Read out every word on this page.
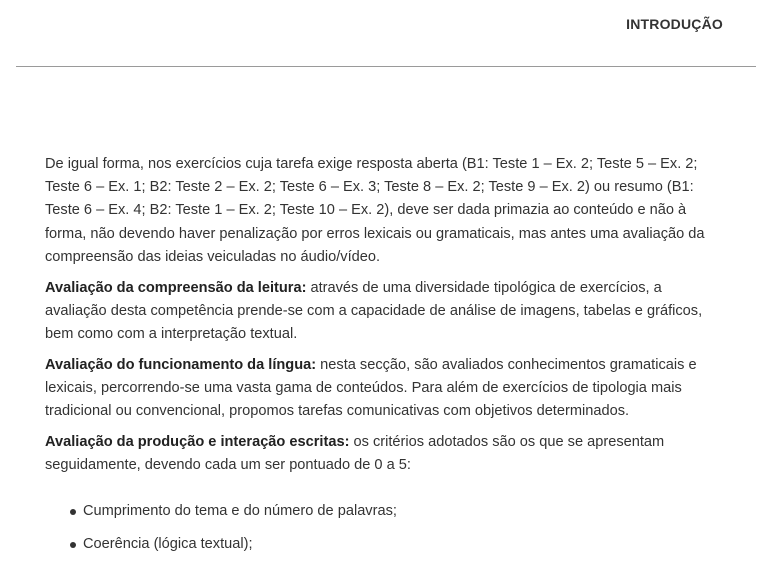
INTRODUÇÃO

De igual forma, nos exercícios cuja tarefa exige resposta aberta (B1: Teste 1 – Ex. 2; Teste 5 – Ex. 2; Teste 6 – Ex. 1; B2: Teste 2 – Ex. 2; Teste 6 – Ex. 3; Teste 8 – Ex. 2; Teste 9 – Ex. 2) ou resumo (B1: Teste 6 – Ex. 4; B2: Teste 1 – Ex. 2; Teste 10 – Ex. 2), deve ser dada primazia ao conteúdo e não à forma, não devendo haver penalização por erros lexicais ou gramaticais, mas antes uma avaliação da compreensão das ideias veiculadas no áudio/vídeo.

Avaliação da compreensão da leitura: através de uma diversidade tipológica de exercícios, a avaliação desta competência prende-se com a capacidade de análise de imagens, tabelas e gráficos, bem como com a interpretação textual.

Avaliação do funcionamento da língua: nesta secção, são avaliados conhecimentos gramaticais e lexicais, percorrendo-se uma vasta gama de conteúdos. Para além de exercícios de tipologia mais tradicional ou convencional, propomos tarefas comunicativas com objetivos determinados.

Avaliação da produção e interação escritas: os critérios adotados são os que se apresentam seguidamente, devendo cada um ser pontuado de 0 a 5:

Cumprimento do tema e do número de palavras;
Coerência (lógica textual);
